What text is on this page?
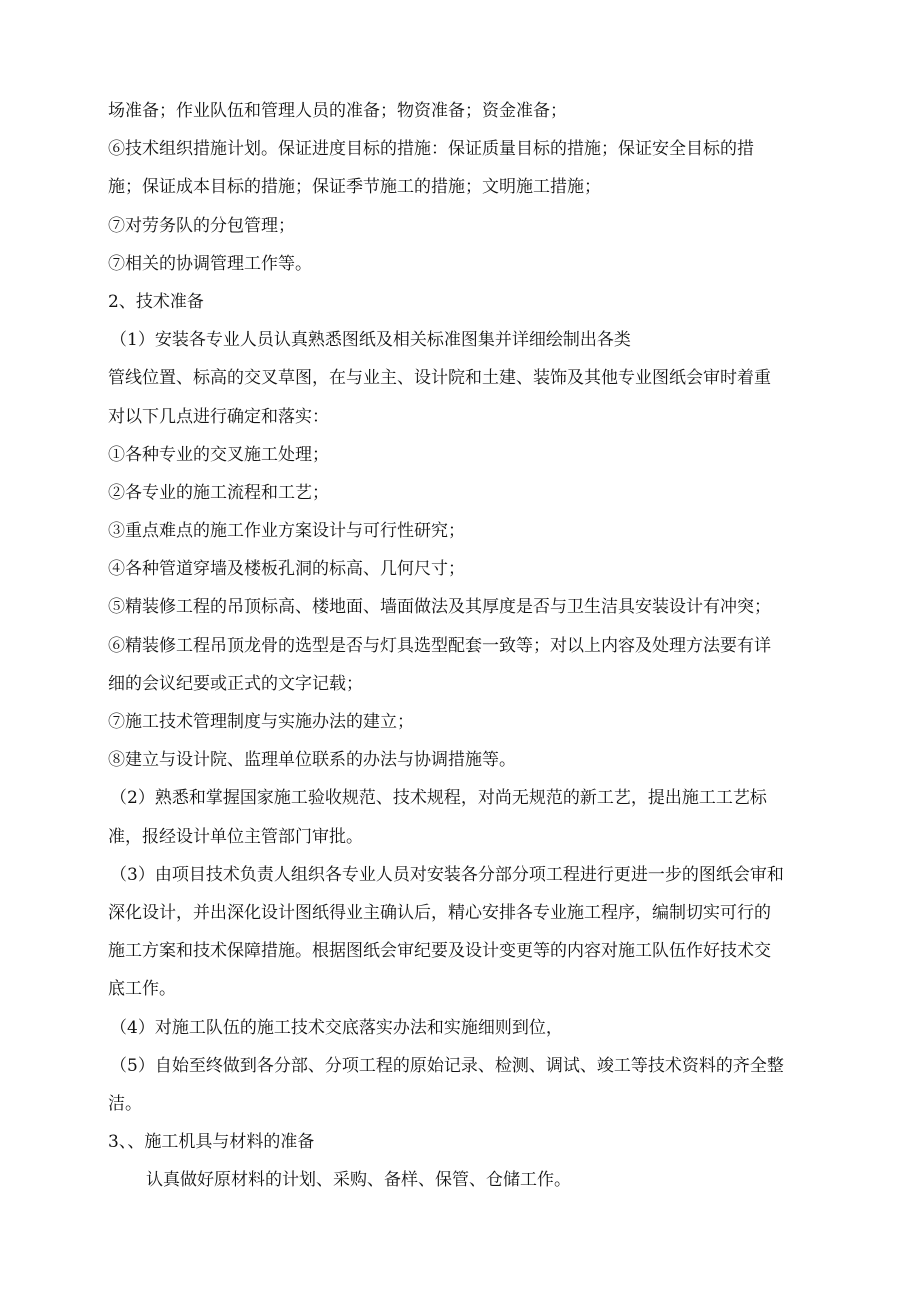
场准备；作业队伍和管理人员的准备；物资准备；资金准备；
⑥技术组织措施计划。保证进度目标的措施：保证质量目标的措施；保证安全目标的措
施；保证成本目标的措施；保证季节施工的措施；文明施工措施；
⑦对劳务队的分包管理；
⑦相关的协调管理工作等。
2、技术准备
（1）安装各专业人员认真熟悉图纸及相关标准图集并详细绘制出各类
管线位置、标高的交叉草图，在与业主、设计院和土建、装饰及其他专业图纸会审时着重
对以下几点进行确定和落实：
①各种专业的交叉施工处理；
②各专业的施工流程和工艺；
③重点难点的施工作业方案设计与可行性研究；
④各种管道穿墙及楼板孔洞的标高、几何尺寸；
⑤精装修工程的吊顶标高、楼地面、墙面做法及其厚度是否与卫生洁具安装设计有冲突；
⑥精装修工程吊顶龙骨的选型是否与灯具选型配套一致等；对以上内容及处理方法要有详
细的会议纪要或正式的文字记载；
⑦施工技术管理制度与实施办法的建立；
⑧建立与设计院、监理单位联系的办法与协调措施等。
（2）熟悉和掌握国家施工验收规范、技术规程，对尚无规范的新工艺，提出施工工艺标
准，报经设计单位主管部门审批。
（3）由项目技术负责人组织各专业人员对安装各分部分项工程进行更进一步的图纸会审和
深化设计，并出深化设计图纸得业主确认后，精心安排各专业施工程序，编制切实可行的
施工方案和技术保障措施。根据图纸会审纪要及设计变更等的内容对施工队伍作好技术交
底工作。
（4）对施工队伍的施工技术交底落实办法和实施细则到位，
（5）自始至终做到各分部、分项工程的原始记录、检测、调试、竣工等技术资料的齐全整
洁。
3、、施工机具与材料的准备
认真做好原材料的计划、采购、备样、保管、仓储工作。
